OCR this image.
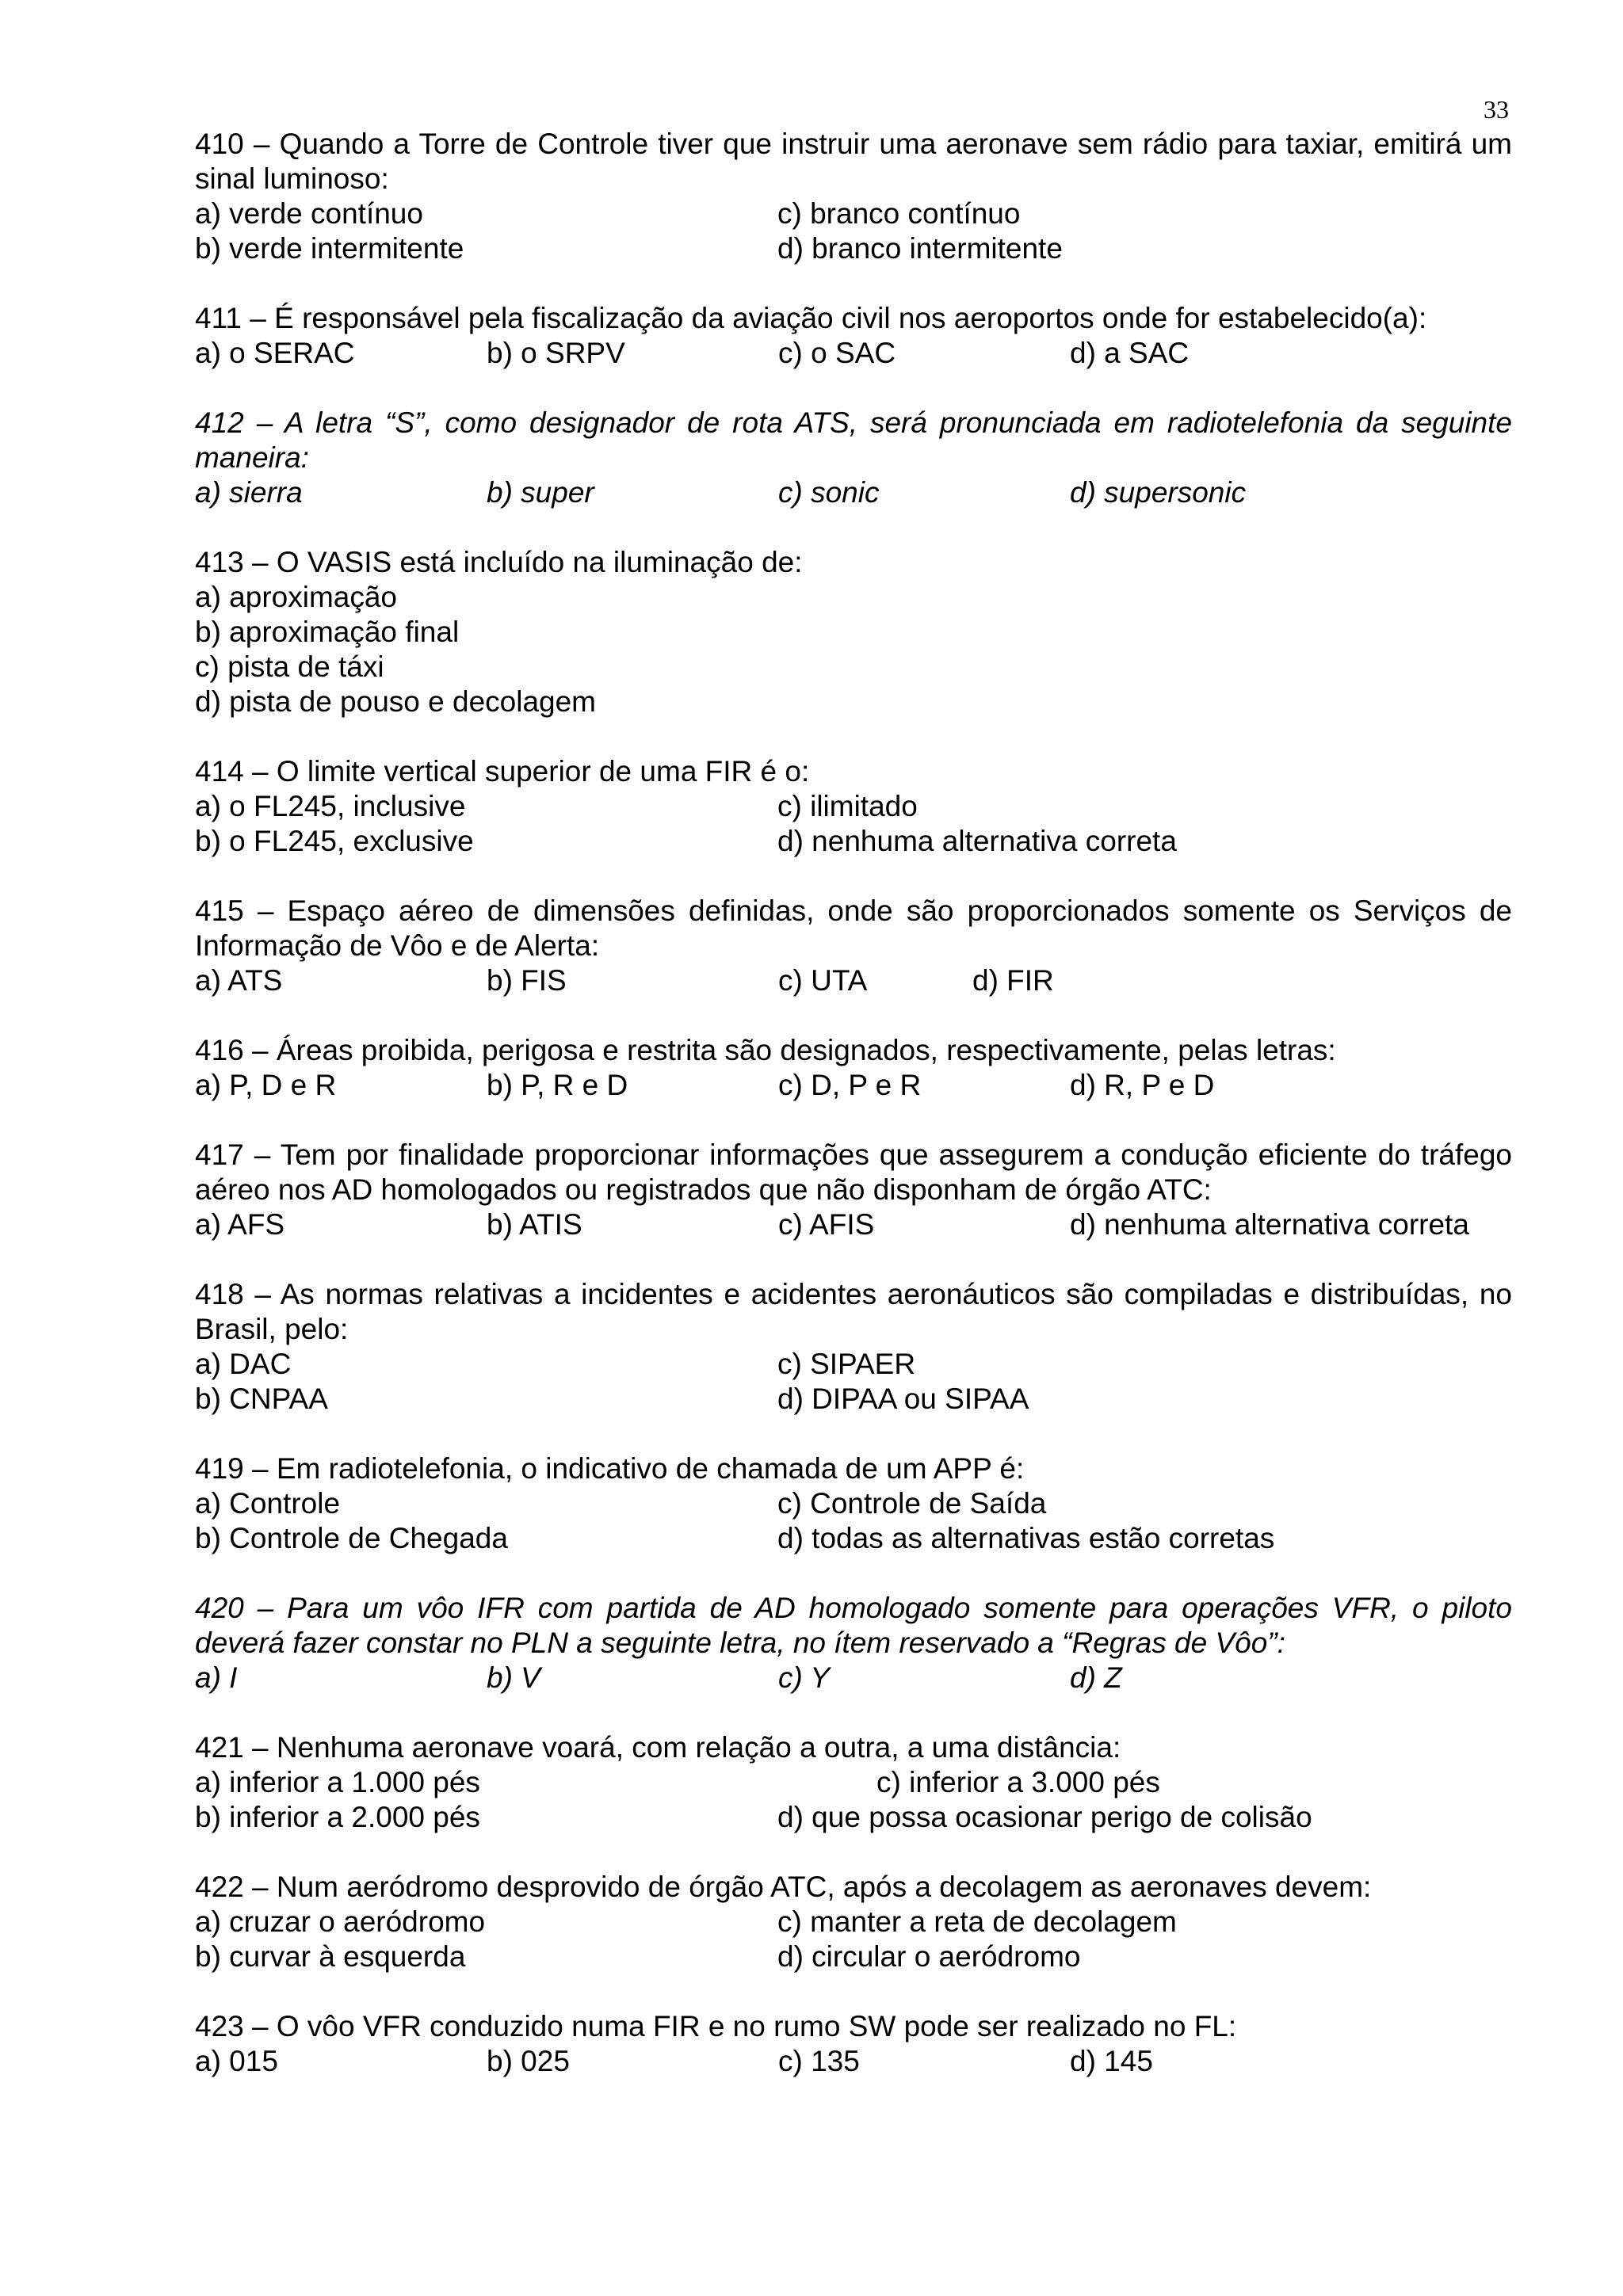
33
410 – Quando a Torre de Controle tiver que instruir uma aeronave sem rádio para taxiar, emitirá um sinal luminoso:
a) verde contínuo	c) branco contínuo
b) verde intermitente	d) branco intermitente
411 – É responsável pela fiscalização da aviação civil nos aeroportos onde for estabelecido(a):
a) o SERAC	b) o SRPV	c) o SAC	d) a SAC
412 – A letra “S”, como designador de rota ATS, será pronunciada em radiotelefonia da seguinte maneira:
a) sierra	b) super	c) sonic	d) supersonic
413 – O VASIS está incluído na iluminação de:
a) aproximação
b) aproximação final
c) pista de táxi
d) pista de pouso e decolagem
414 – O limite vertical superior de uma FIR é o:
a) o FL245, inclusive	c) ilimitado
b) o FL245, exclusive	d) nenhuma alternativa correta
415 – Espaço aéreo de dimensões definidas, onde são proporcionados somente os Serviços de Informação de Vôo e de Alerta:
a) ATS	b) FIS	c) UTA	d) FIR
416 – Áreas proibida, perigosa e restrita são designados, respectivamente, pelas letras:
a) P, D e R	b) P, R e D	c) D, P e R	d) R, P e D
417 – Tem por finalidade proporcionar informações que assegurem a condução eficiente do tráfego aéreo nos AD homologados ou registrados que não disponham de órgão ATC:
a) AFS	b) ATIS	c) AFIS	d) nenhuma alternativa correta
418 – As normas relativas a incidentes e acidentes aeronáuticos são compiladas e distribuídas, no Brasil, pelo:
a) DAC	c) SIPAER
b) CNPAA	d) DIPAA ou SIPAA
419 – Em radiotelefonia, o indicativo de chamada de um APP é:
a) Controle	c) Controle de Saída
b) Controle de Chegada	d) todas as alternativas estão corretas
420 – Para um vôo IFR com partida de AD homologado somente para operações VFR, o piloto deverá fazer constar no PLN a seguinte letra, no ítem reservado a “Regras de Vôo”:
a) I	b) V	c) Y	d) Z
421 – Nenhuma aeronave voará, com relação a outra, a uma distância:
a) inferior a 1.000 pés	c) inferior a 3.000 pés
b) inferior a 2.000 pés	d) que possa ocasionar perigo de colisão
422 – Num aeródromo desprovido de órgão ATC, após a decolagem as aeronaves devem:
a) cruzar o aeródromo	c) manter a reta de decolagem
b) curvar à esquerda	d) circular o aeródromo
423 – O vôo VFR conduzido numa FIR e no rumo SW pode ser realizado no FL:
a) 015	b) 025	c) 135	d) 145
